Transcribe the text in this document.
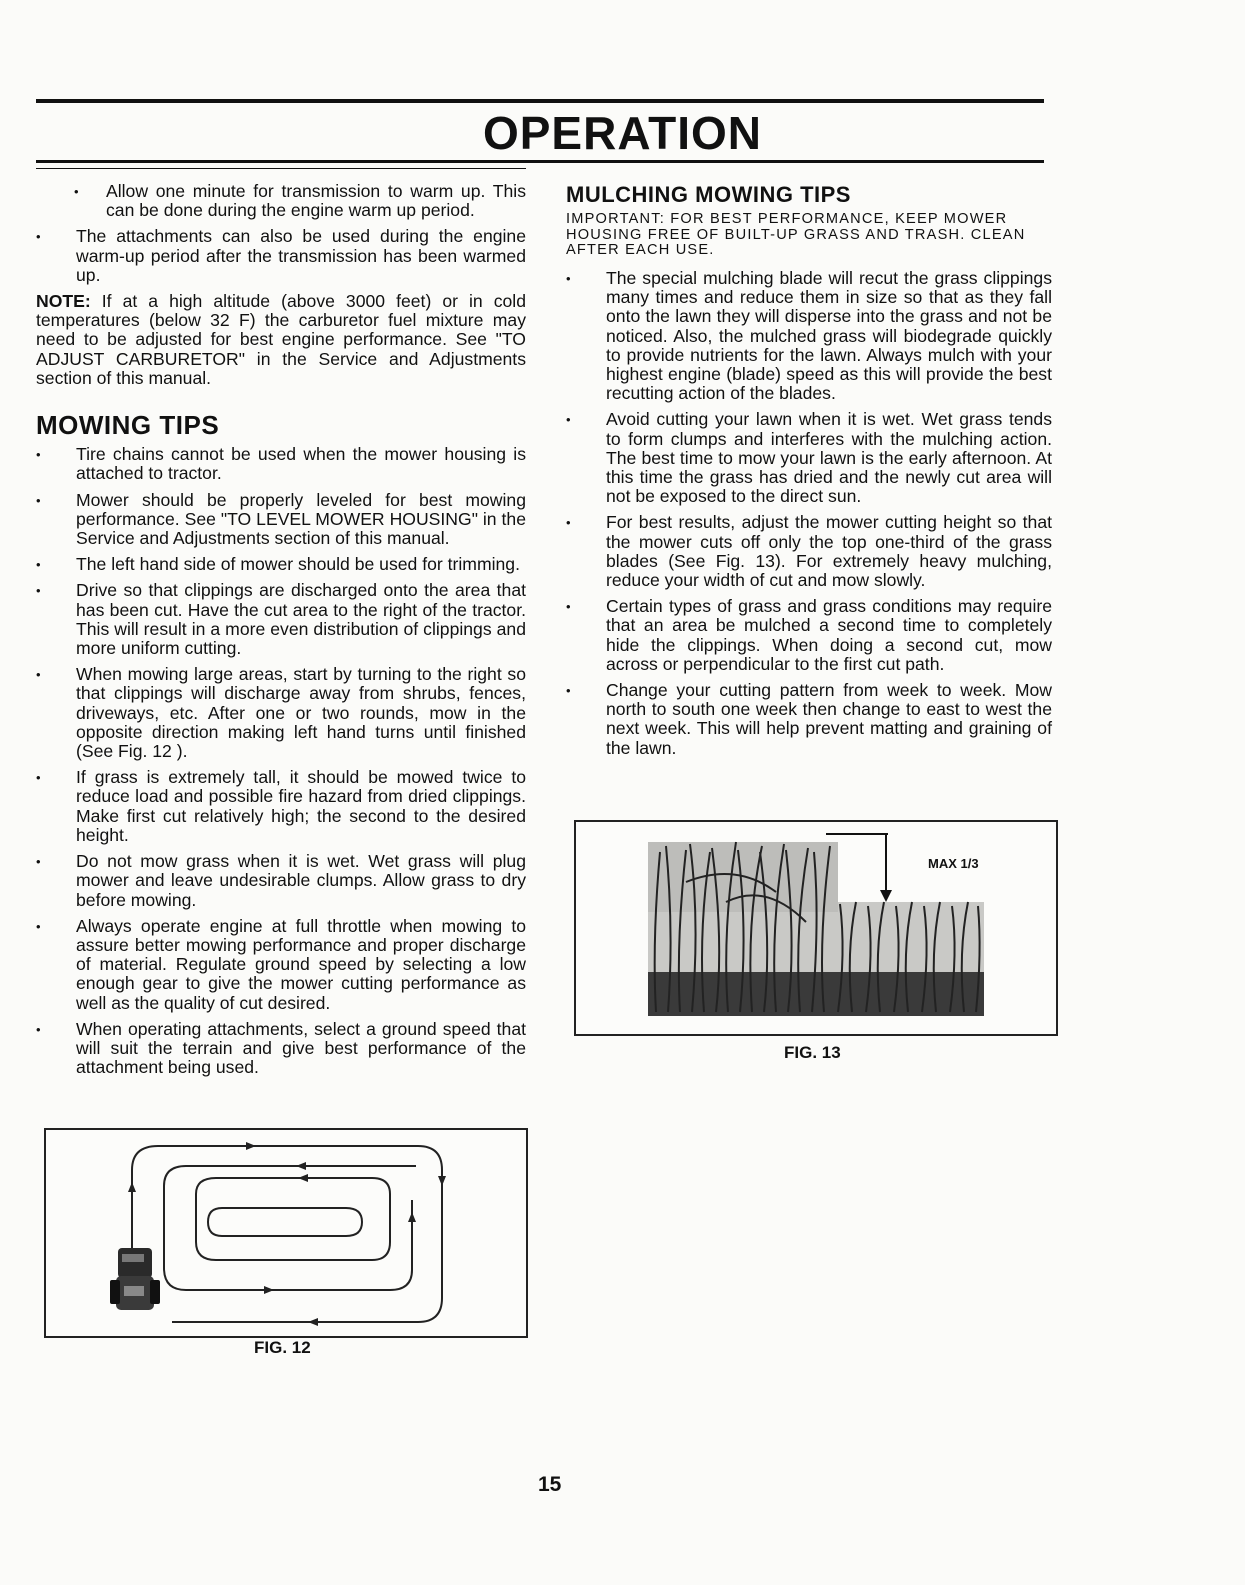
OPERATION
• Allow one minute for transmission to warm up. This can be done during the engine warm up period.
• The attachments can also be used during the engine warm-up period after the transmission has been warmed up.

NOTE: If at a high altitude (above 3000 feet) or in cold temperatures (below 32 F) the carburetor fuel mixture may need to be adjusted for best engine performance. See "TO ADJUST CARBURETOR" in the Service and Adjustments section of this manual.

MOWING TIPS
• Tire chains cannot be used when the mower housing is attached to tractor.
• Mower should be properly leveled for best mowing performance. See "TO LEVEL MOWER HOUSING" in the Service and Adjustments section of this manual.
• The left hand side of mower should be used for trimming.
• Drive so that clippings are discharged onto the area that has been cut. Have the cut area to the right of the tractor. This will result in a more even distribution of clippings and more uniform cutting.
• When mowing large areas, start by turning to the right so that clippings will discharge away from shrubs, fences, driveways, etc. After one or two rounds, mow in the opposite direction making left hand turns until finished (See Fig. 12 ).
• If grass is extremely tall, it should be mowed twice to reduce load and possible fire hazard from dried clippings. Make first cut relatively high; the second to the desired height.
• Do not mow grass when it is wet. Wet grass will plug mower and leave undesirable clumps. Allow grass to dry before mowing.
• Always operate engine at full throttle when mowing to assure better mowing performance and proper discharge of material. Regulate ground speed by selecting a low enough gear to give the mower cutting performance as well as the quality of cut desired.
• When operating attachments, select a ground speed that will suit the terrain and give best performance of the attachment being used.
FIG. 12
MULCHING MOWING TIPS

IMPORTANT: FOR BEST PERFORMANCE, KEEP MOWER HOUSING FREE OF BUILT-UP GRASS AND TRASH. CLEAN AFTER EACH USE.

• The special mulching blade will recut the grass clippings many times and reduce them in size so that as they fall onto the lawn they will disperse into the grass and not be noticed. Also, the mulched grass will biodegrade quickly to provide nutrients for the lawn. Always mulch with your highest engine (blade) speed as this will provide the best recutting action of the blades.
• Avoid cutting your lawn when it is wet. Wet grass tends to form clumps and interferes with the mulching action. The best time to mow your lawn is the early afternoon. At this time the grass has dried and the newly cut area will not be exposed to the direct sun.
• For best results, adjust the mower cutting height so that the mower cuts off only the top one-third of the grass blades (See Fig. 13). For extremely heavy mulching, reduce your width of cut and mow slowly.
• Certain types of grass and grass conditions may require that an area be mulched a second time to completely hide the clippings. When doing a second cut, mow across or perpendicular to the first cut path.
• Change your cutting pattern from week to week. Mow north to south one week then change to east to west the next week. This will help prevent matting and graining of the lawn.
MAX 1/3
FIG. 13
15
